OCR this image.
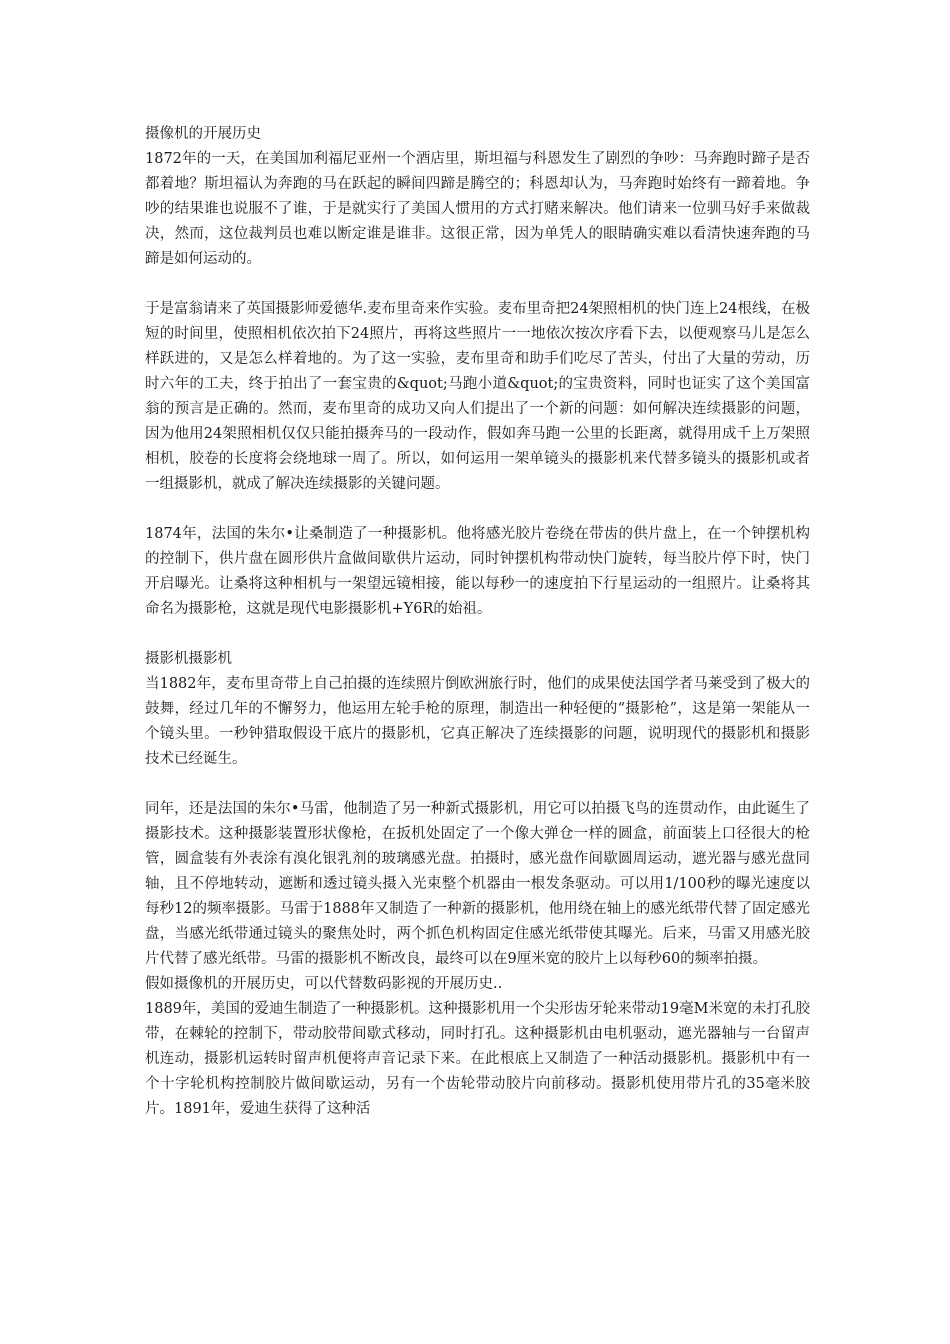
摄像机的开展历史

1872年的一天，在美国加利福尼亚州一个酒店里，斯坦福与科恩发生了剧烈的争吵：马奔跑时蹄子是否都着地？斯坦福认为奔跑的马在跃起的瞬间四蹄是腾空的；科恩却认为，马奔跑时始终有一蹄着地。争吵的结果谁也说服不了谁，于是就实行了美国人惯用的方式打赌来解决。他们请来一位驯马好手来做裁决，然而，这位裁判员也难以断定谁是谁非。这很正常，因为单凭人的眼睛确实难以看清快速奔跑的马蹄是如何运动的。

于是富翁请来了英国摄影师爱德华.麦布里奇来作实验。麦布里奇把24架照相机的快门连上24根线，在极短的时间里，使照相机依次拍下24照片，再将这些照片一一地依次按次序看下去，以便观察马儿是怎么样跃进的，又是怎么样着地的。为了这一实验，麦布里奇和助手们吃尽了苦头，付出了大量的劳动，历时六年的工夫，终于拍出了一套宝贵的&quot;马跑小道&quot;的宝贵资料，同时也证实了这个美国富翁的预言是正确的。然而，麦布里奇的成功又向人们提出了一个新的问题：如何解决连续摄影的问题，因为他用24架照相机仅仅只能拍摄奔马的一段动作，假如奔马跑一公里的长距离，就得用成千上万架照相机，胶卷的长度将会绕地球一周了。所以，如何运用一架单镜头的摄影机来代替多镜头的摄影机或者一组摄影机，就成了解决连续摄影的关键问题。

1874年，法国的朱尔•让桑制造了一种摄影机。他将感光胶片卷绕在带齿的供片盘上，在一个钟摆机构的控制下，供片盘在圆形供片盒做间歇供片运动，同时钟摆机构带动快门旋转，每当胶片停下时，快门开启曝光。让桑将这种相机与一架望远镜相接，能以每秒一的速度拍下行星运动的一组照片。让桑将其命名为摄影枪，这就是现代电影摄影机+Y6R的始祖。

摄影机摄影机

当1882年，麦布里奇带上自己拍摄的连续照片倒欧洲旅行时，他们的成果使法国学者马莱受到了极大的鼓舞，经过几年的不懈努力，他运用左轮手枪的原理，制造出一种轻便的“摄影枪”，这是第一架能从一个镜头里。一秒钟猎取假设干底片的摄影机，它真正解决了连续摄影的问题，说明现代的摄影机和摄影技术已经诞生。

同年，还是法国的朱尔•马雷，他制造了另一种新式摄影机，用它可以拍摄飞鸟的连贯动作，由此诞生了摄影技术。这种摄影装置形状像枪，在扳机处固定了一个像大弹仓一样的圆盒，前面装上口径很大的枪管，圆盒装有外表涂有溴化银乳剂的玻璃感光盘。拍摄时，感光盘作间歇圆周运动，遮光器与感光盘同轴，且不停地转动，遮断和透过镜头摄入光束整个机器由一根发条驱动。可以用1/100秒的曝光速度以每秒12的频率摄影。马雷于1888年又制造了一种新的摄影机，他用绕在轴上的感光纸带代替了固定感光盘，当感光纸带通过镜头的聚焦处时，两个抓色机构固定住感光纸带使其曝光。后来，马雷又用感光胶片代替了感光纸带。马雷的摄影机不断改良，最终可以在9厘米宽的胶片上以每秒60的频率拍摄。

假如摄像机的开展历史，可以代替数码影视的开展历史..

1889年，美国的爱迪生制造了一种摄影机。这种摄影机用一个尖形齿牙轮来带动19毫M米宽的未打孔胶带，在棘轮的控制下，带动胶带间歇式移动，同时打孔。这种摄影机由电机驱动，遮光器轴与一台留声机连动，摄影机运转时留声机便将声音记录下来。在此根底上又制造了一种活动摄影机。摄影机中有一个十字轮机构控制胶片做间歇运动，另有一个齿轮带动胶片向前移动。摄影机使用带片孔的35毫米胶片。1891年，爱迪生获得了这种活
